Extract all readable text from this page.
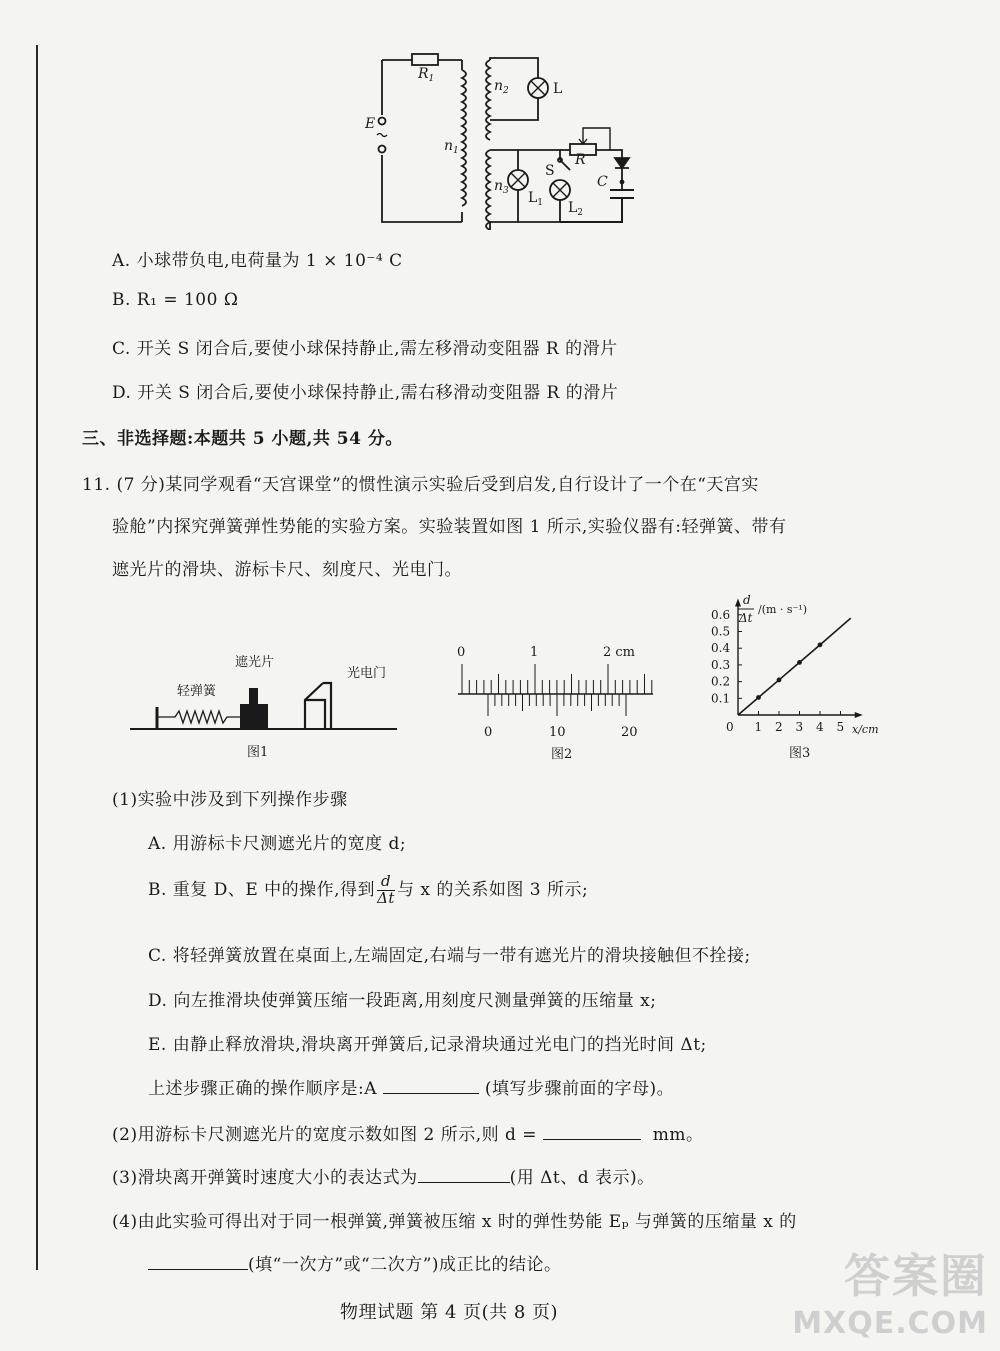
$R_1$	$n_2$	L
E
$n_1$
$n_3$
S
R
C
$L_1$ $L_2$
A. 小球带负电,电荷量为 1 × 10⁻⁴ C
B. R₁ = 100 Ω
C. 开关 S 闭合后,要使小球保持静止,需左移滑动变阻器 R 的滑片
D. 开关 S 闭合后,要使小球保持静止,需右移滑动变阻器 R 的滑片
三、非选择题:本题共 5 小题,共 54 分。
11. (7 分)某同学观看“天宫课堂”的惯性演示实验后受到启发,自行设计了一个在“天宫实
验舱”内探究弹簧弹性势能的实验方案。实验装置如图 1 所示,实验仪器有:轻弹簧、带有
遮光片的滑块、游标卡尺、刻度尺、光电门。
遮光片
轻弹簧
光电门
图1
0	1	2 cm
0	10	20
图2
d
Δt
/(m · s⁻¹)
x/cm
图3
0.6
0.5
0.4
0.3
0.2
0.1
0 1 2 3 4 5
(1)实验中涉及到下列操作步骤
A. 用游标卡尺测遮光片的宽度 d;
B. 重复 D、E 中的操作,得到 $\frac{d}{\Delta t}$ 与 x 的关系如图 3 所示;
C. 将轻弹簧放置在桌面上,左端固定,右端与一带有遮光片的滑块接触但不拴接;
D. 向左推滑块使弹簧压缩一段距离,用刻度尺测量弹簧的压缩量 x;
E. 由静止释放滑块,滑块离开弹簧后,记录滑块通过光电门的挡光时间 Δt;
上述步骤正确的操作顺序是:A	(填写步骤前面的字母)。
(2)用游标卡尺测遮光片的宽度示数如图 2 所示,则 d =	mm。
(3)滑块离开弹簧时速度大小的表达式为	(用 Δt、d 表示)。
(4)由此实验可得出对于同一根弹簧,弹簧被压缩 x 时的弹性势能 Eₚ 与弹簧的压缩量 x 的
(填“一次方”或“二次方”)成正比的结论。
物理试题 第 4 页(共 8 页)
答案圈
MXQE.COM
